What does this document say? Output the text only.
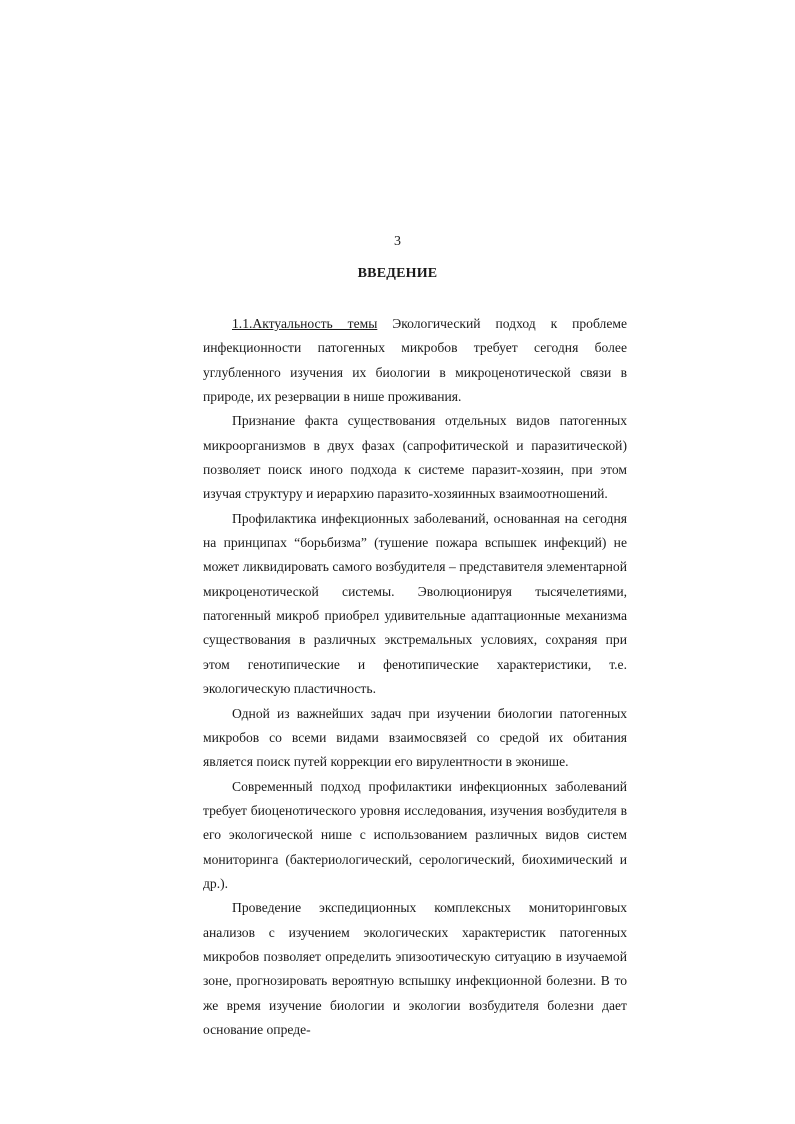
3
ВВЕДЕНИЕ

1.1.Актуальность темы Экологический подход к проблеме инфекционности патогенных микробов требует сегодня более углубленного изучения их биологии в микроценотической связи в природе, их резервации в нише проживания.

Признание факта существования отдельных видов патогенных микроорганизмов в двух фазах (сапрофитической и паразитической) позволяет поиск иного подхода к системе паразит-хозяин, при этом изучая структуру и иерархию паразито-хозяинных взаимоотношений.

Профилактика инфекционных заболеваний, основанная на сегодня на принципах “борьбизма” (тушение пожара вспышек инфекций) не может ликвидировать самого возбудителя – представителя элементарной микроценотической системы. Эволюционируя тысячелетиями, патогенный микроб приобрел удивительные адаптационные механизма существования в различных экстремальных условиях, сохраняя при этом генотипические и фенотипические характеристики, т.е. экологическую пластичность.

Одной из важнейших задач при изучении биологии патогенных микробов со всеми видами взаимосвязей со средой их обитания является поиск путей коррекции его вирулентности в эконише.

Современный подход профилактики инфекционных заболеваний требует биоценотического уровня исследования, изучения возбудителя в его экологической нише с использованием различных видов систем мониторинга (бактериологический, серологический, биохимический и др.).

Проведение экспедиционных комплексных мониторинговых анализов с изучением экологических характеристик патогенных микробов позволяет определить эпизоотическую ситуацию в изучаемой зоне, прогнозировать вероятную вспышку инфекционной болезни. В то же время изучение биологии и экологии возбудителя болезни дает основание опреде-
